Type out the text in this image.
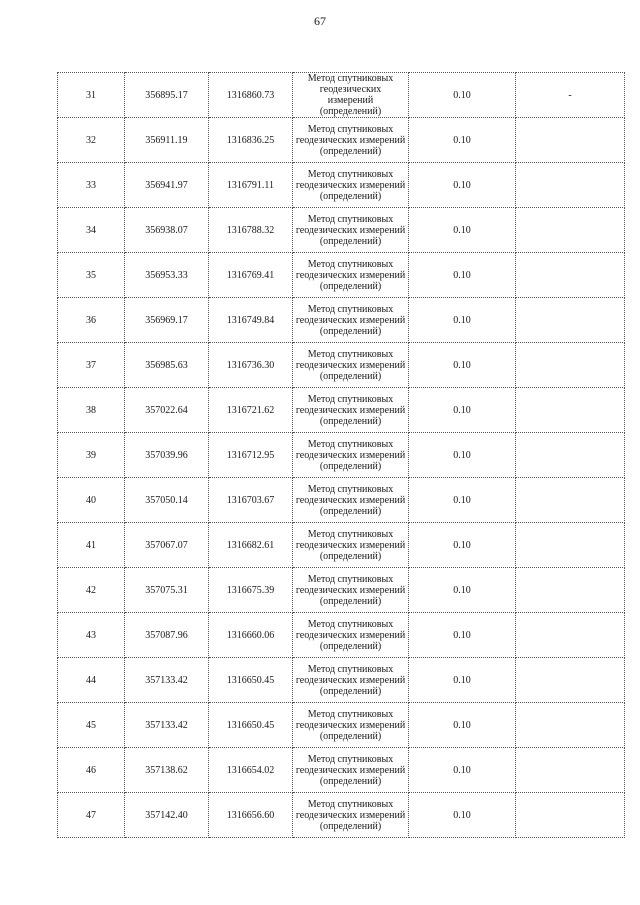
67
31	356895.17	1316860.73	Метод спутниковых
геодезических
измерений
(определений)	0.10	-
32	356911.19	1316836.25	Метод спутниковых
геодезических измерений
(определений)	0.10	
33	356941.97	1316791.11	Метод спутниковых
геодезических измерений
(определений)	0.10	
34	356938.07	1316788.32	Метод спутниковых
геодезических измерений
(определений)	0.10	
35	356953.33	1316769.41	Метод спутниковых
геодезических измерений
(определений)	0.10	
36	356969.17	1316749.84	Метод спутниковых
геодезических измерений
(определений)	0.10	
37	356985.63	1316736.30	Метод спутниковых
геодезических измерений
(определений)	0.10	
38	357022.64	1316721.62	Метод спутниковых
геодезических измерений
(определений)	0.10	
39	357039.96	1316712.95	Метод спутниковых
геодезических измерений
(определений)	0.10	
40	357050.14	1316703.67	Метод спутниковых
геодезических измерений
(определений)	0.10	
41	357067.07	1316682.61	Метод спутниковых
геодезических измерений
(определений)	0.10	
42	357075.31	1316675.39	Метод спутниковых
геодезических измерений
(определений)	0.10	
43	357087.96	1316660.06	Метод спутниковых
геодезических измерений
(определений)	0.10	
44	357133.42	1316650.45	Метод спутниковых
геодезических измерений
(определений)	0.10	
45	357133.42	1316650.45	Метод спутниковых
геодезических измерений
(определений)	0.10	
46	357138.62	1316654.02	Метод спутниковых
геодезических измерений
(определений)	0.10	
47	357142.40	1316656.60	Метод спутниковых
геодезических измерений
(определений)	0.10	
